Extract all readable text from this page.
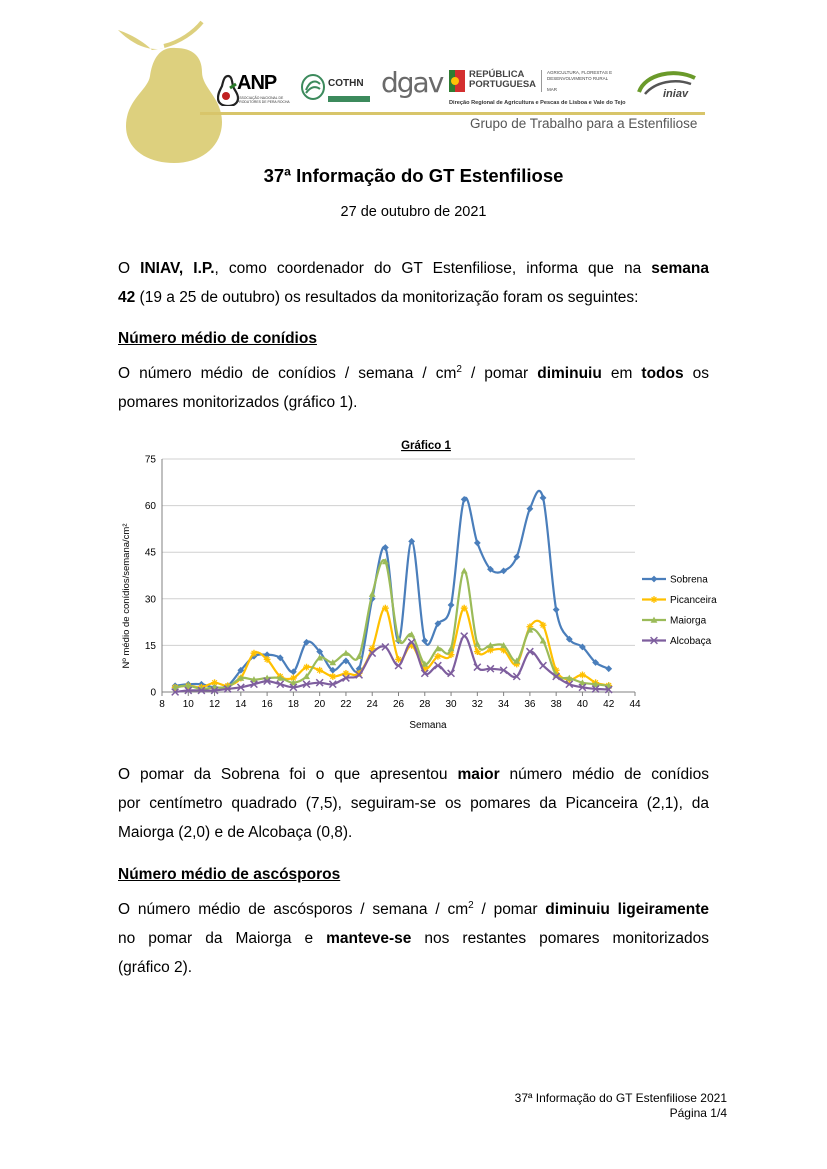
ANP
ASSOCIAÇÃO NACIONAL DE PRODUTORES DE PERA ROCHA
COTHN dgav	REPÚBLICA PORTUGUESA
AGRICULTURA, FLORESTAS E DESENVOLVIMENTO RURAL
MAR
Direção Regional de Agricultura e Pescas de Lisboa e Vale do Tejo
iniav
Grupo de Trabalho para a Estenfiliose
37ª Informação do GT Estenfiliose
27 de outubro de 2021
O INIAV, I.P., como coordenador do GT Estenfiliose, informa que na semana
42 (19 a 25 de outubro) os resultados da monitorização foram os seguintes:
Número médio de conídios
O número médio de conídios / semana / $cm^2$ / pomar diminuiu em todos os
pomares monitorizados (gráfico 1).
0
15
30
45
60
75
8 10 12 14 16 18 20 22 24 26 28 30 32 34 36 38 40 42 44
Sobrena
Picanceira
Maiorga
Alcobaça
Gráfico 1
Semana
Nº médio de conídios/semana/cm²
O pomar da Sobrena foi o que apresentou maior número médio de conídios
por centímetro quadrado (7,5), seguiram-se os pomares da Picanceira (2,1), da
Maiorga (2,0) e de Alcobaça (0,8).
Número médio de ascósporos
O número médio de ascósporos / semana / $cm^2$ / pomar diminuiu ligeiramente
no pomar da Maiorga e manteve-se nos restantes pomares monitorizados
(gráfico 2).
37ª Informação do GT Estenfiliose 2021
Página 1/4
